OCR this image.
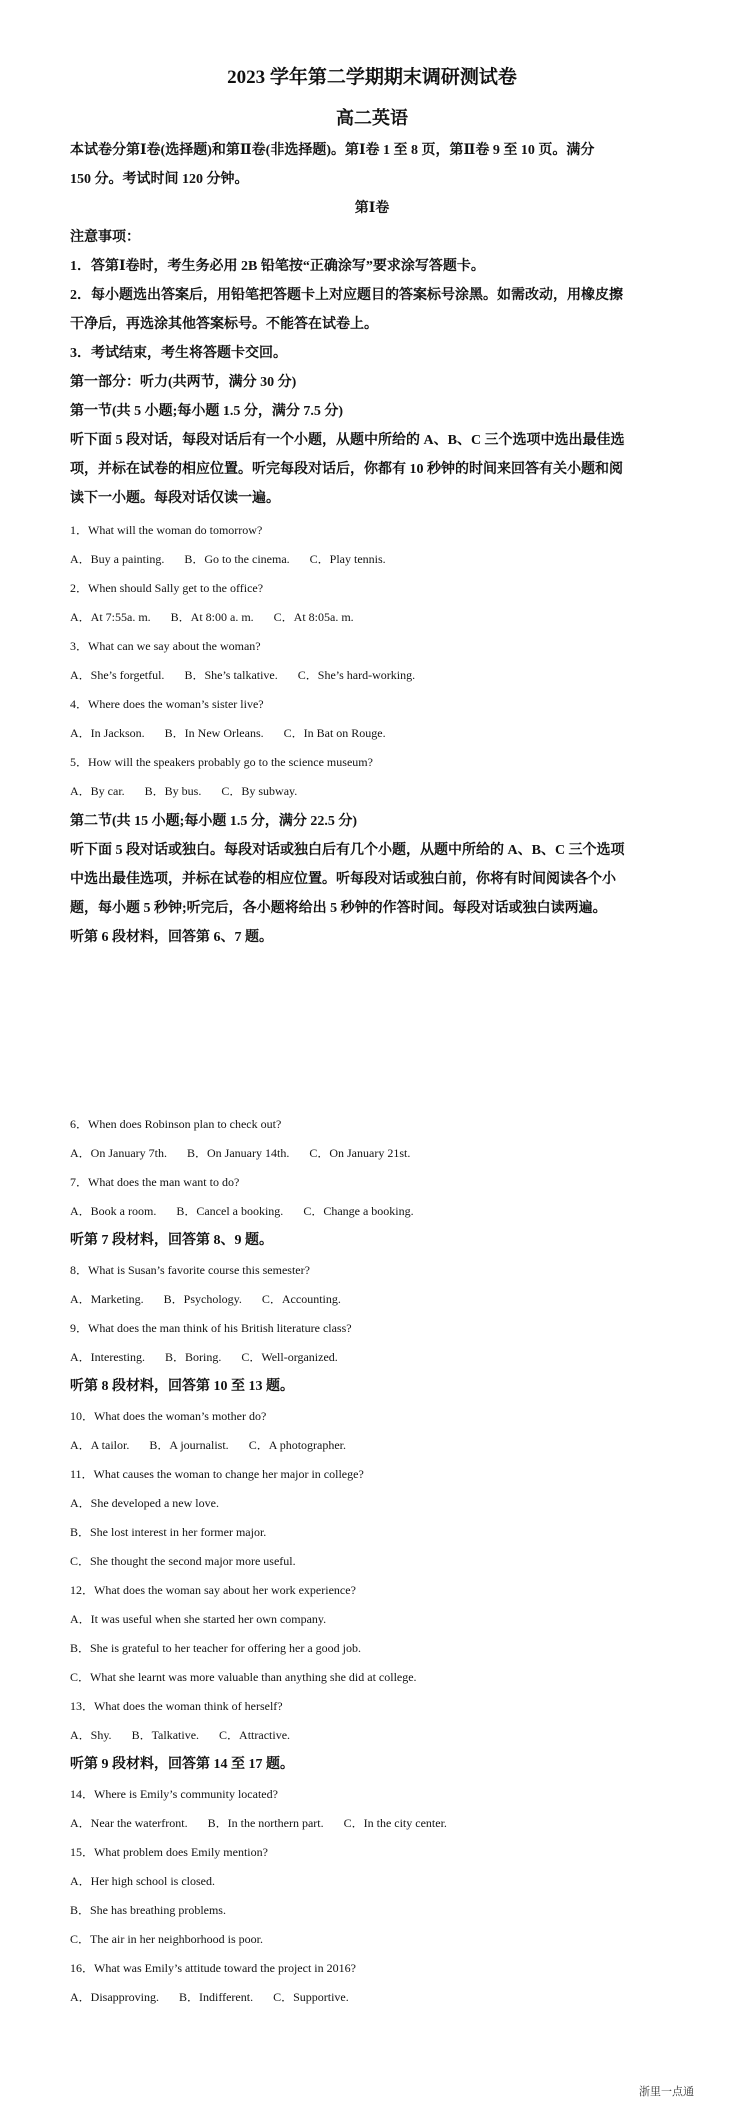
2023 学年第二学期期末调研测试卷
高二英语
本试卷分第Ⅰ卷(选择题)和第Ⅱ卷(非选择题)。第Ⅰ卷 1 至 8 页，第Ⅱ卷 9 至 10 页。满分
150 分。考试时间 120 分钟。
第Ⅰ卷
注意事项：
1．答第Ⅰ卷时，考生务必用 2B 铅笔按“正确涂写”要求涂写答题卡。
2．每小题选出答案后，用铅笔把答题卡上对应题目的答案标号涂黑。如需改动，用橡皮擦
干净后，再选涂其他答案标号。不能答在试卷上。
3．考试结束，考生将答题卡交回。
第一部分：听力(共两节，满分 30 分)
第一节(共 5 小题;每小题 1.5 分，满分 7.5 分)
听下面 5 段对话，每段对话后有一个小题，从题中所给的 A、B、C 三个选项中选出最佳选
项，并标在试卷的相应位置。听完每段对话后，你都有 10 秒钟的时间来回答有关小题和阅
读下一小题。每段对话仅读一遍。
1．What will the woman do tomorrow?
A．Buy a painting. B．Go to the cinema. C．Play tennis.
2．When should Sally get to the office?
A．At 7:55a. m. B．At 8:00 a. m. C．At 8:05a. m.
3．What can we say about the woman?
A．She’s forgetful. B．She’s talkative. C．She’s hard-working.
4．Where does the woman’s sister live?
A．In Jackson. B．In New Orleans. C．In Bat on Rouge.
5．How will the speakers probably go to the science museum?
A．By car. B．By bus. C．By subway.
第二节(共 15 小题;每小题 1.5 分，满分 22.5 分)
听下面 5 段对话或独白。每段对话或独白后有几个小题，从题中所给的 A、B、C 三个选项
中选出最佳选项，并标在试卷的相应位置。听每段对话或独白前，你将有时间阅读各个小
题，每小题 5 秒钟;听完后，各小题将给出 5 秒钟的作答时间。每段对话或独白读两遍。
听第 6 段材料，回答第 6、7 题。
6．When does Robinson plan to check out?
A．On January 7th. B．On January 14th. C．On January 21st.
7．What does the man want to do?
A．Book a room. B．Cancel a booking. C．Change a booking.
听第 7 段材料，回答第 8、9 题。
8．What is Susan’s favorite course this semester?
A．Marketing. B．Psychology. C．Accounting.
9．What does the man think of his British literature class?
A．Interesting. B．Boring. C．Well-organized.
听第 8 段材料，回答第 10 至 13 题。
10．What does the woman’s mother do?
A．A tailor. B．A journalist. C．A photographer.
11．What causes the woman to change her major in college?
A．She developed a new love.
B．She lost interest in her former major.
C．She thought the second major more useful.
12．What does the woman say about her work experience?
A．It was useful when she started her own company.
B．She is grateful to her teacher for offering her a good job.
C．What she learnt was more valuable than anything she did at college.
13．What does the woman think of herself?
A．Shy. B．Talkative. C．Attractive.
听第 9 段材料，回答第 14 至 17 题。
14．Where is Emily’s community located?
A．Near the waterfront. B．In the northern part. C．In the city center.
15．What problem does Emily mention?
A．Her high school is closed.
B．She has breathing problems.
C．The air in her neighborhood is poor.
16．What was Emily’s attitude toward the project in 2016?
A．Disapproving. B．Indifferent. C．Supportive.
浙里一点通
